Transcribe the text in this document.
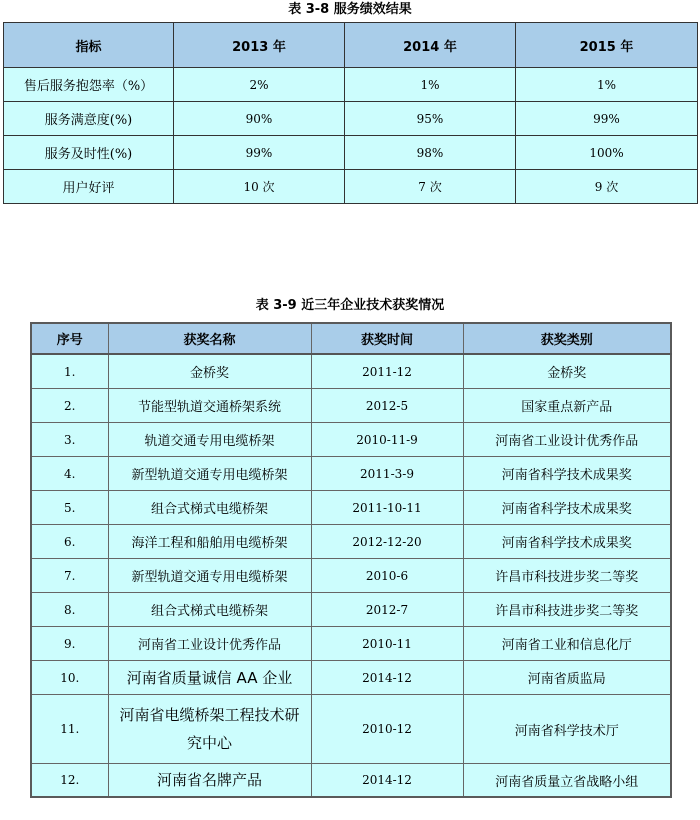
表 3-8 服务绩效结果
指标	2013 年	2014 年	2015 年
售后服务抱怨率（%）	2%	1%	1%
服务满意度(%)	90%	95%	99%
服务及时性(%)	99%	98%	100%
用户好评	10 次	7 次	9 次
表 3-9 近三年企业技术获奖情况
序号	获奖名称	获奖时间	获奖类别
1.	金桥奖	2011-12	金桥奖
2.	节能型轨道交通桥架系统	2012-5	国家重点新产品
3.	轨道交通专用电缆桥架	2010-11-9	河南省工业设计优秀作品
4.	新型轨道交通专用电缆桥架	2011-3-9	河南省科学技术成果奖
5.	组合式梯式电缆桥架	2011-10-11	河南省科学技术成果奖
6.	海洋工程和船舶用电缆桥架	2012-12-20	河南省科学技术成果奖
7.	新型轨道交通专用电缆桥架	2010-6	许昌市科技进步奖二等奖
8.	组合式梯式电缆桥架	2012-7	许昌市科技进步奖二等奖
9.	河南省工业设计优秀作品	2010-11	河南省工业和信息化厅
10.	河南省质量诚信 AA 企业	2014-12	河南省质监局
11.	河南省电缆桥架工程技术研究中心	2010-12	河南省科学技术厅
12.	河南省名牌产品	2014-12	河南省质量立省战略小组
